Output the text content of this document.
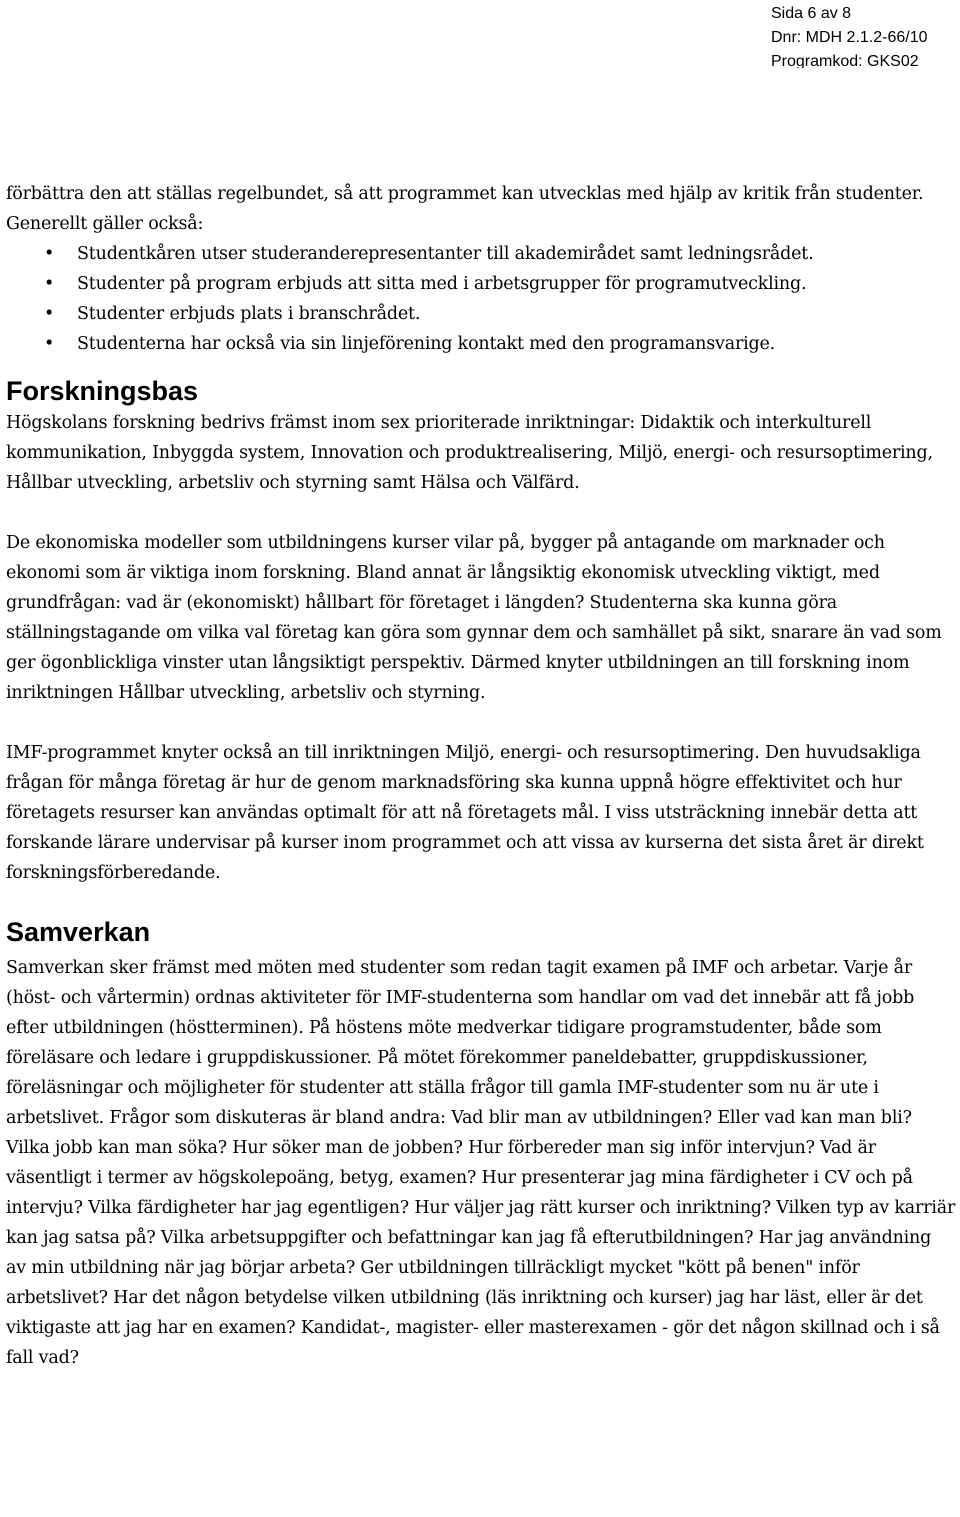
Sida 6 av 8
Dnr: MDH 2.1.2-66/10
Programkod: GKS02

förbättra den att ställas regelbundet, så att programmet kan utvecklas med hjälp av kritik från studenter. Generellt gäller också:

• Studentkåren utser studeranderepresentanter till akademirådet samt ledningsrådet.
• Studenter på program erbjuds att sitta med i arbetsgrupper för programutveckling.
• Studenter erbjuds plats i branschrådet.
• Studenterna har också via sin linjeförening kontakt med den programansvarige.
Forskningsbas

Högskolans forskning bedrivs främst inom sex prioriterade inriktningar: Didaktik och interkulturell kommunikation, Inbyggda system, Innovation och produktrealisering, Miljö, energi- och resursoptimering, Hållbar utveckling, arbetsliv och styrning samt Hälsa och Välfärd.

De ekonomiska modeller som utbildningens kurser vilar på, bygger på antagande om marknader och ekonomi som är viktiga inom forskning. Bland annat är långsiktig ekonomisk utveckling viktigt, med grundfrågan: vad är (ekonomiskt) hållbart för företaget i längden? Studenterna ska kunna göra ställningstagande om vilka val företag kan göra som gynnar dem och samhället på sikt, snarare än vad som ger ögonblickliga vinster utan långsiktigt perspektiv. Därmed knyter utbildningen an till forskning inom inriktningen Hållbar utveckling, arbetsliv och styrning.

IMF-programmet knyter också an till inriktningen Miljö, energi- och resursoptimering. Den huvudsakliga frågan för många företag är hur de genom marknadsföring ska kunna uppnå högre effektivitet och hur företagets resurser kan användas optimalt för att nå företagets mål. I viss utsträckning innebär detta att forskande lärare undervisar på kurser inom programmet och att vissa av kurserna det sista året är direkt forskningsförberedande.

Samverkan

Samverkan sker främst med möten med studenter som redan tagit examen på IMF och arbetar. Varje år (höst- och vårtermin) ordnas aktiviteter för IMF-studenterna som handlar om vad det innebär att få jobb efter utbildningen (höstterminen). På höstens möte medverkar tidigare programstudenter, både som föreläsare och ledare i gruppdiskussioner. På mötet förekommer paneldebatter, gruppdiskussioner, föreläsningar och möjligheter för studenter att ställa frågor till gamla IMF-studenter som nu är ute i arbetslivet. Frågor som diskuteras är bland andra: Vad blir man av utbildningen? Eller vad kan man bli? Vilka jobb kan man söka? Hur söker man de jobben? Hur förbereder man sig inför intervjun? Vad är väsentligt i termer av högskolepoäng, betyg, examen? Hur presenterar jag mina färdigheter i CV och på intervju? Vilka färdigheter har jag egentligen? Hur väljer jag rätt kurser och inriktning? Vilken typ av karriär kan jag satsa på? Vilka arbetsuppgifter och befattningar kan jag få efterutbildningen? Har jag användning av min utbildning när jag börjar arbeta? Ger utbildningen tillräckligt mycket "kött på benen" inför arbetslivet? Har det någon betydelse vilken utbildning (läs inriktning och kurser) jag har läst, eller är det viktigaste att jag har en examen? Kandidat-, magister- eller masterexamen - gör det någon skillnad och i så fall vad?
